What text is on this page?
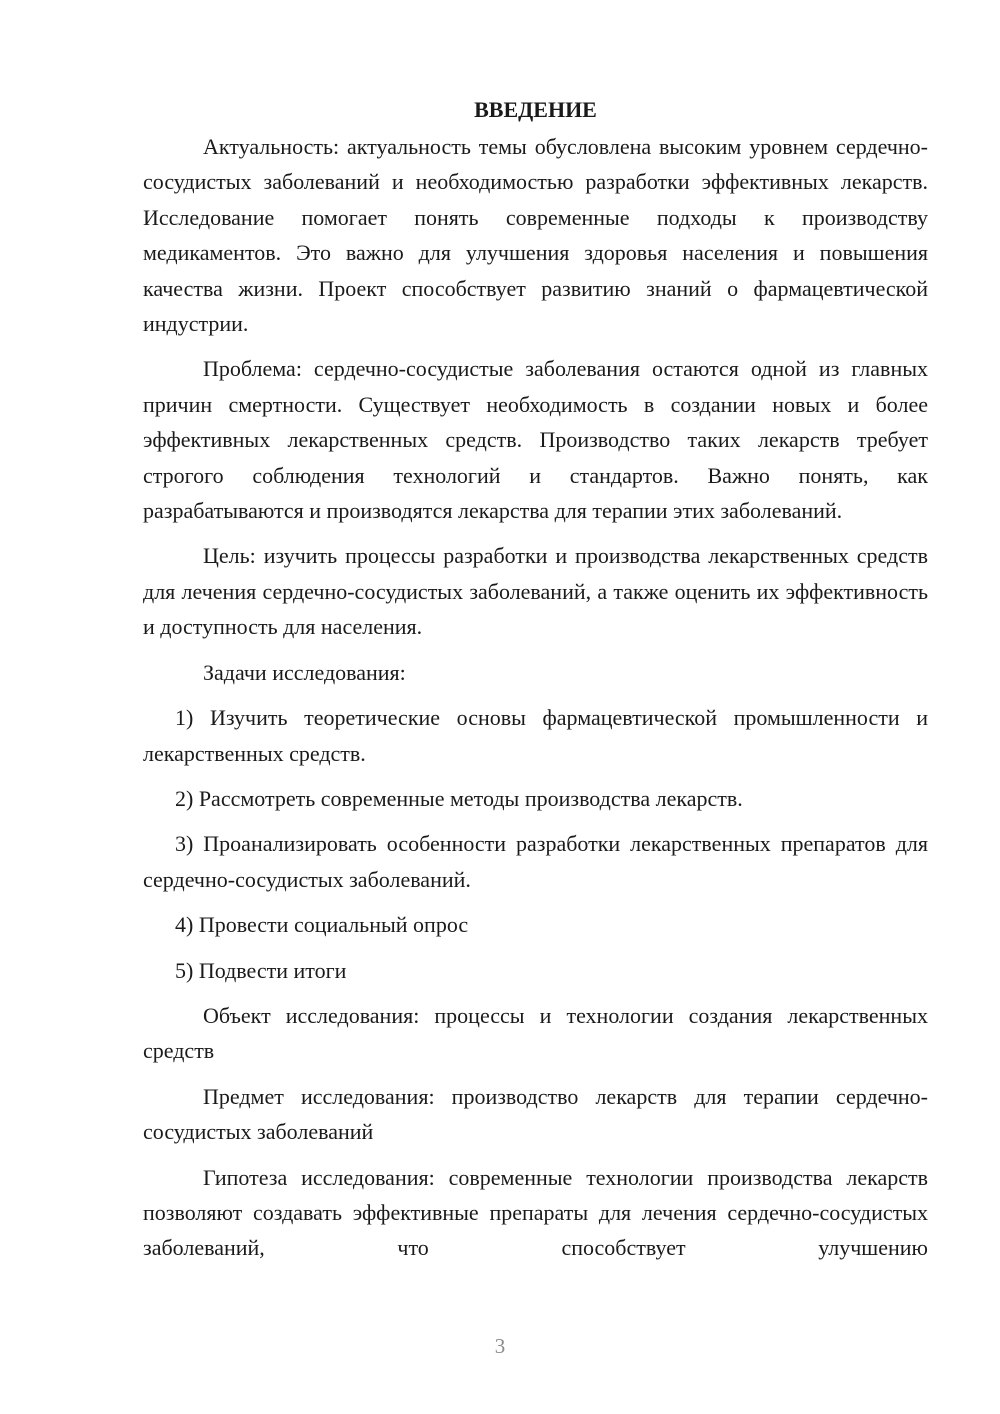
ВВЕДЕНИЕ

Актуальность: актуальность темы обусловлена высоким уровнем сердечно-сосудистых заболеваний и необходимостью разработки эффективных лекарств. Исследование помогает понять современные подходы к производству медикаментов. Это важно для улучшения здоровья населения и повышения качества жизни. Проект способствует развитию знаний о фармацевтической индустрии.

Проблема: сердечно-сосудистые заболевания остаются одной из главных причин смертности. Существует необходимость в создании новых и более эффективных лекарственных средств. Производство таких лекарств требует строгого соблюдения технологий и стандартов. Важно понять, как разрабатываются и производятся лекарства для терапии этих заболеваний.

Цель: изучить процессы разработки и производства лекарственных средств для лечения сердечно-сосудистых заболеваний, а также оценить их эффективность и доступность для населения.

Задачи исследования:

1) Изучить теоретические основы фармацевтической промышленности и лекарственных средств.

2) Рассмотреть современные методы производства лекарств.

3) Проанализировать особенности разработки лекарственных препаратов для сердечно-сосудистых заболеваний.

4) Провести социальный опрос

5) Подвести итоги

Объект исследования: процессы и технологии создания лекарственных средств

Предмет исследования: производство лекарств для терапии сердечно-сосудистых заболеваний

Гипотеза исследования: современные технологии производства лекарств позволяют создавать эффективные препараты для лечения сердечно-сосудистых заболеваний, что способствует улучшению

3
